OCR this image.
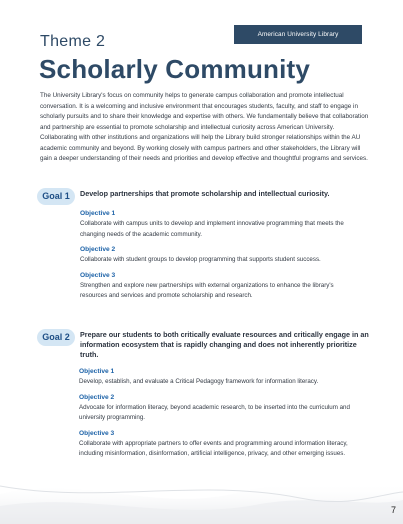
American University Library
Theme 2
Scholarly Community

The University Library's focus on community helps to generate campus collaboration and promote intellectual conversation. It is a welcoming and inclusive environment that encourages students, faculty, and staff to engage in scholarly pursuits and to share their knowledge and expertise with others. We fundamentally believe that collaboration and partnership are essential to promote scholarship and intellectual curiosity across American University.

Collaborating with other institutions and organizations will help the Library build stronger relationships within the AU academic community and beyond. By working closely with campus partners and other stakeholders, the Library will gain a deeper understanding of their needs and priorities and develop effective and thoughtful programs and services.

Goal 1	Develop partnerships that promote scholarship and intellectual curiosity.
Objective 1
Collaborate with campus units to develop and implement innovative programming that meets the changing needs of the academic community.
Objective 2
Collaborate with student groups to develop programming that supports student success.
Objective 3
Strengthen and explore new partnerships with external organizations to enhance the library's resources and services and promote scholarship and research.
Goal 2	Prepare our students to both critically evaluate resources and critically engage in an information ecosystem that is rapidly changing and does not inherently prioritize truth.
Objective 1
Develop, establish, and evaluate a Critical Pedagogy framework for information literacy.
Objective 2
Advocate for information literacy, beyond academic research, to be inserted into the curriculum and university programming.
Objective 3
Collaborate with appropriate partners to offer events and programming around information literacy, including misinformation, disinformation, artificial intelligence, privacy, and other emerging issues.
7
